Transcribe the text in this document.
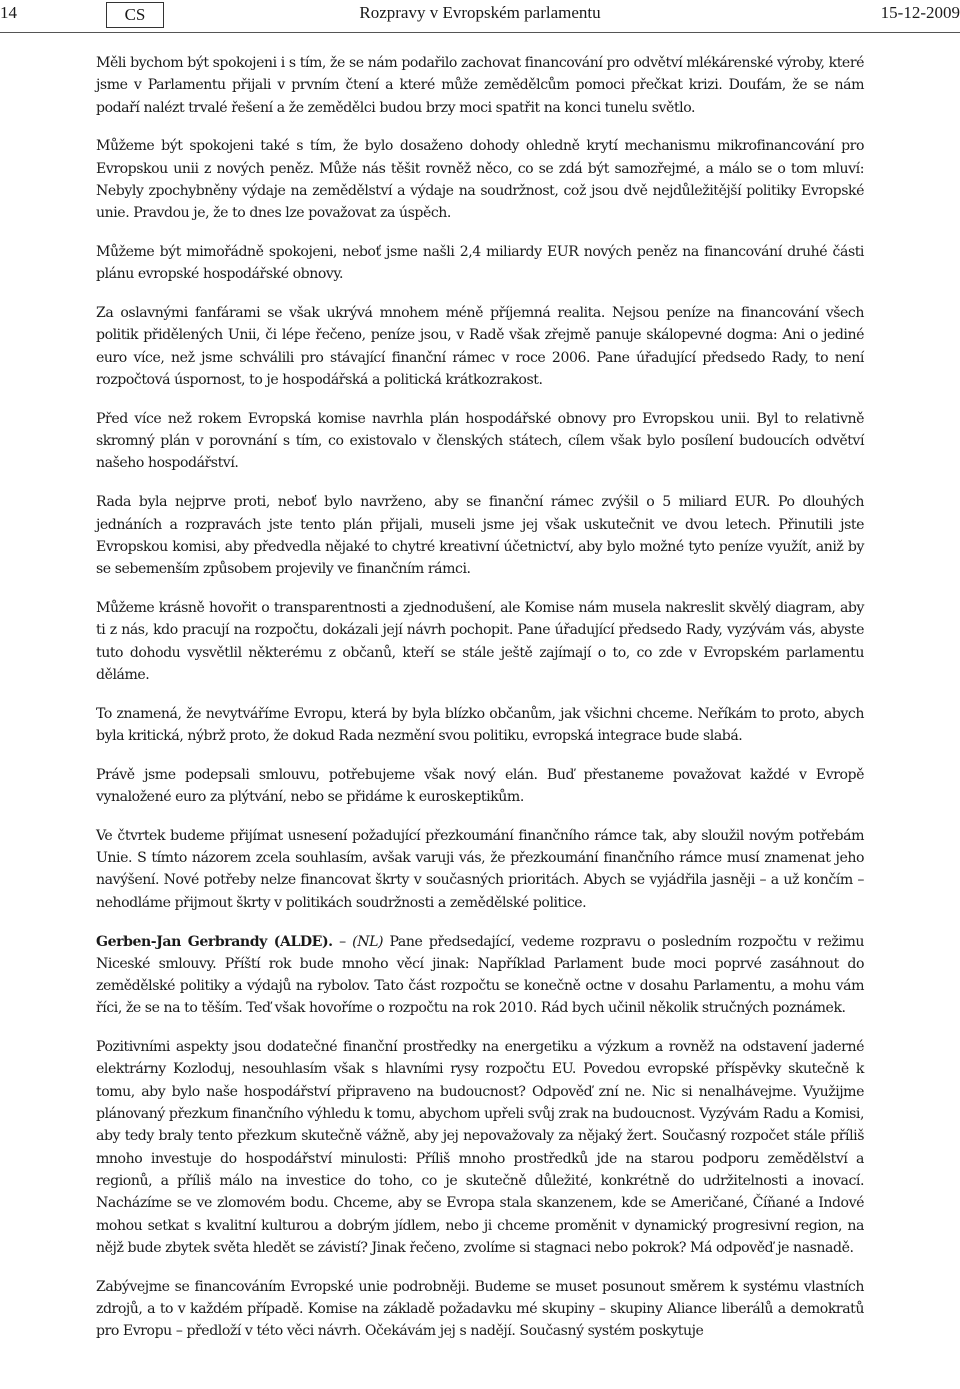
14	CS	Rozpravy v Evropském parlamentu	15-12-2009

Měli bychom být spokojeni i s tím, že se nám podařilo zachovat financování pro odvětví mlékárenské výroby, které jsme v Parlamentu přijali v prvním čtení a které může zemědělcům pomoci přečkat krizi. Doufám, že se nám podaří nalézt trvalé řešení a že zemědělci budou brzy moci spatřit na konci tunelu světlo.

Můžeme být spokojeni také s tím, že bylo dosaženo dohody ohledně krytí mechanismu mikrofinancování pro Evropskou unii z nových peněz. Může nás těšit rovněž něco, co se zdá být samozřejmé, a málo se o tom mluví: Nebyly zpochybněny výdaje na zemědělství a výdaje na soudržnost, což jsou dvě nejdůležitější politiky Evropské unie. Pravdou je, že to dnes lze považovat za úspěch.

Můžeme být mimořádně spokojeni, neboť jsme našli 2,4 miliardy EUR nových peněz na financování druhé části plánu evropské hospodářské obnovy.

Za oslavnými fanfárami se však ukrývá mnohem méně příjemná realita. Nejsou peníze na financování všech politik přidělených Unii, či lépe řečeno, peníze jsou, v Radě však zřejmě panuje skálopevné dogma: Ani o jediné euro více, než jsme schválili pro stávající finanční rámec v roce 2006. Pane úřadující předsedo Rady, to není rozpočtová úspornost, to je hospodářská a politická krátkozrakost.

Před více než rokem Evropská komise navrhla plán hospodářské obnovy pro Evropskou unii. Byl to relativně skromný plán v porovnání s tím, co existovalo v členských státech, cílem však bylo posílení budoucích odvětví našeho hospodářství.

Rada byla nejprve proti, neboť bylo navrženo, aby se finanční rámec zvýšil o 5 miliard EUR. Po dlouhých jednáních a rozpravách jste tento plán přijali, museli jsme jej však uskutečnit ve dvou letech. Přinutili jste Evropskou komisi, aby předvedla nějaké to chytré kreativní účetnictví, aby bylo možné tyto peníze využít, aniž by se sebemenším způsobem projevily ve finančním rámci.

Můžeme krásně hovořit o transparentnosti a zjednodušení, ale Komise nám musela nakreslit skvělý diagram, aby ti z nás, kdo pracují na rozpočtu, dokázali její návrh pochopit. Pane úřadující předsedo Rady, vyzývám vás, abyste tuto dohodu vysvětlil některému z občanů, kteří se stále ještě zajímají o to, co zde v Evropském parlamentu děláme.

To znamená, že nevytváříme Evropu, která by byla blízko občanům, jak všichni chceme. Neříkám to proto, abych byla kritická, nýbrž proto, že dokud Rada nezmění svou politiku, evropská integrace bude slabá.

Právě jsme podepsali smlouvu, potřebujeme však nový elán. Buď přestaneme považovat každé v Evropě vynaložené euro za plýtvání, nebo se přidáme k euroskeptikům.

Ve čtvrtek budeme přijímat usnesení požadující přezkoumání finančního rámce tak, aby sloužil novým potřebám Unie. S tímto názorem zcela souhlasím, avšak varuji vás, že přezkoumání finančního rámce musí znamenat jeho navýšení. Nové potřeby nelze financovat škrty v současných prioritách. Abych se vyjádřila jasněji – a už končím – nehodláme přijmout škrty v politikách soudržnosti a zemědělské politice.

Gerben-Jan Gerbrandy (ALDE). – (NL) Pane předsedající, vedeme rozpravu o posledním rozpočtu v režimu Nicеské smlouvy. Příští rok bude mnoho věcí jinak: Například Parlament bude moci poprvé zasáhnout do zemědělské politiky a výdajů na rybolov. Tato část rozpočtu se konečně octne v dosahu Parlamentu, a mohu vám říci, že se na to těším. Teď však hovoříme o rozpočtu na rok 2010. Rád bych učinil několik stručných poznámek.

Pozitivními aspekty jsou dodatečné finanční prostředky na energetiku a výzkum a rovněž na odstavení jaderné elektrárny Kozloduj, nesouhlasím však s hlavními rysy rozpočtu EU. Povedou evropské příspěvky skutečně k tomu, aby bylo naše hospodářství připraveno na budoucnost? Odpověď zní ne. Nic si nenalhávejme. Využijme plánovaný přezkum finančního výhledu k tomu, abychom upřeli svůj zrak na budoucnost. Vyzývám Radu a Komisi, aby tedy braly tento přezkum skutečně vážně, aby jej nepovažovaly za nějaký žert. Současný rozpočet stále příliš mnoho investuje do hospodářství minulosti: Příliš mnoho prostředků jde na starou podporu zemědělství a regionů, a příliš málo na investice do toho, co je skutečně důležité, konkrétně do udržitelnosti a inovací. Nacházíme se ve zlomovém bodu. Chceme, aby se Evropa stala skanzenem, kde se Američané, Číňané a Indové mohou setkat s kvalitní kulturou a dobrým jídlem, nebo ji chceme proměnit v dynamický progresivní region, na nějž bude zbytek světa hledět se závistí? Jinak řečeno, zvolíme si stagnaci nebo pokrok? Má odpověď je nasnadě.

Zabývejme se financováním Evropské unie podrobněji. Budeme se muset posunout směrem k systému vlastních zdrojů, a to v každém případě. Komise na základě požadavku mé skupiny – skupiny Aliance liberálů a demokratů pro Evropu – předloží v této věci návrh. Očekávám jej s nadějí. Současný systém poskytuje
